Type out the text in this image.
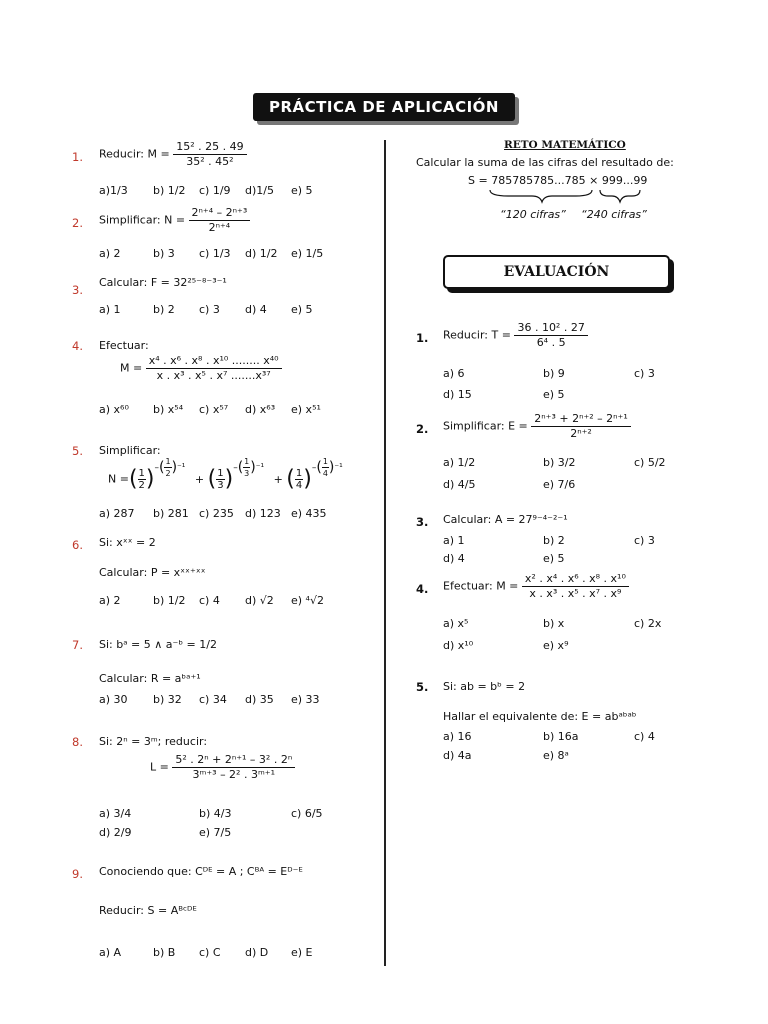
PRÁCTICA DE APLICACIÓN
1. Reducir: $M = \frac{\text{15² . 25 . 49}}{\text{35² . 45²}}$
a)1/3 b) 1/2 c) 1/9 d)1/5 e) 5
2. Simplificar: $N = \frac{\text{2ⁿ⁺⁴ – 2ⁿ⁺³}}{\text{2ⁿ⁺⁴}}$
a) 2	b) 3 c) 1/3 d) 1/2 e) 1/5
3.
Calcular: F = 32²⁵⁻⁸⁻³⁻¹
a) 1	b) 2 c) 3 d) 4 e) 5
4. Efectuar:
$M = \frac{\text{x⁴ . x⁶ . x⁸ . x¹⁰ ........ x⁴⁰}}{\text{x . x³ . x⁵ . x⁷ .......x³⁷}}$
a) x⁶⁰ b) x⁵⁴ c) x⁵⁷ d) x⁶³ e) x⁵¹
5. Simplificar:
N =( $\frac{1}{2} )^{-( \frac{1}{2} )^{-1}}$ + ( $\frac{1}{3} )^{-( \frac{1}{3} )^{-1}}$ + ( $\frac{1}{4} )^{-( \frac{1}{4} )^{-1}}$
a) 287 b) 281 c) 235 d) 123 e) 435
6. Si: xˣˣ = 2
Calcular: P = xˣˣ⁺ˣˣ
a) 2	b) 1/2 c) 4 d) √2 e) ⁴√2
7. Si: bᵃ = 5 ∧ a⁻ᵇ = 1/2
Calcular: R = aᵇᵃ⁺¹
a) 30 b) 32 c) 34 d) 35 e) 33
8. Si: 2ⁿ = 3ᵐ; reducir:
$L = \frac{\text{5² . 2ⁿ + 2ⁿ⁺¹ – 3² . 2ⁿ}}{\text{3ᵐ⁺³ – 2² . 3ᵐ⁺¹}}$
a) 3/4	b) 4/3	c) 6/5
d) 2/9	e) 7/5
9. Conociendo que: Cᴰᴱ = A ; Cᴮᴬ = Eᴰ⁻ᴱ
Reducir: S = Aᴮᶜᴰᴱ
a) A	b) B c) C d) D e) E
RETO MATEMÁTICO
Calcular la suma de las cifras del resultado de:
S = 785785785...785 × 999...99
“120 cifras” “240 cifras”
EVALUACIÓN
1. Reducir: $T = \frac{\text{36 . 10² . 27}}{\text{6⁴ . 5}}$
a) 6	b) 9	c) 3
d) 15	e) 5
2. Simplificar: $E = \frac{\text{2ⁿ⁺³ + 2ⁿ⁺² – 2ⁿ⁺¹}}{\text{2ⁿ⁺²}}$
a) 1/2	b) 3/2	c) 5/2
d) 4/5	e) 7/6
3. Calcular: A = 27⁹⁻⁴⁻²⁻¹
a) 1	b) 2	c) 3
d) 4	e) 5
4. Efectuar: $M = \frac{\text{x² . x⁴ . x⁶ . x⁸ . x¹⁰}}{\text{x . x³ . x⁵ . x⁷ . x⁹}}$
a) x⁵	b) x	c) 2x
d) x¹⁰	e) x⁹
5. Si: ab = bᵇ = 2
Hallar el equivalente de: E = abᵃᵇᵃᵇ
a) 16	b) 16a	c) 4
d) 4a	e) 8ᵃ
